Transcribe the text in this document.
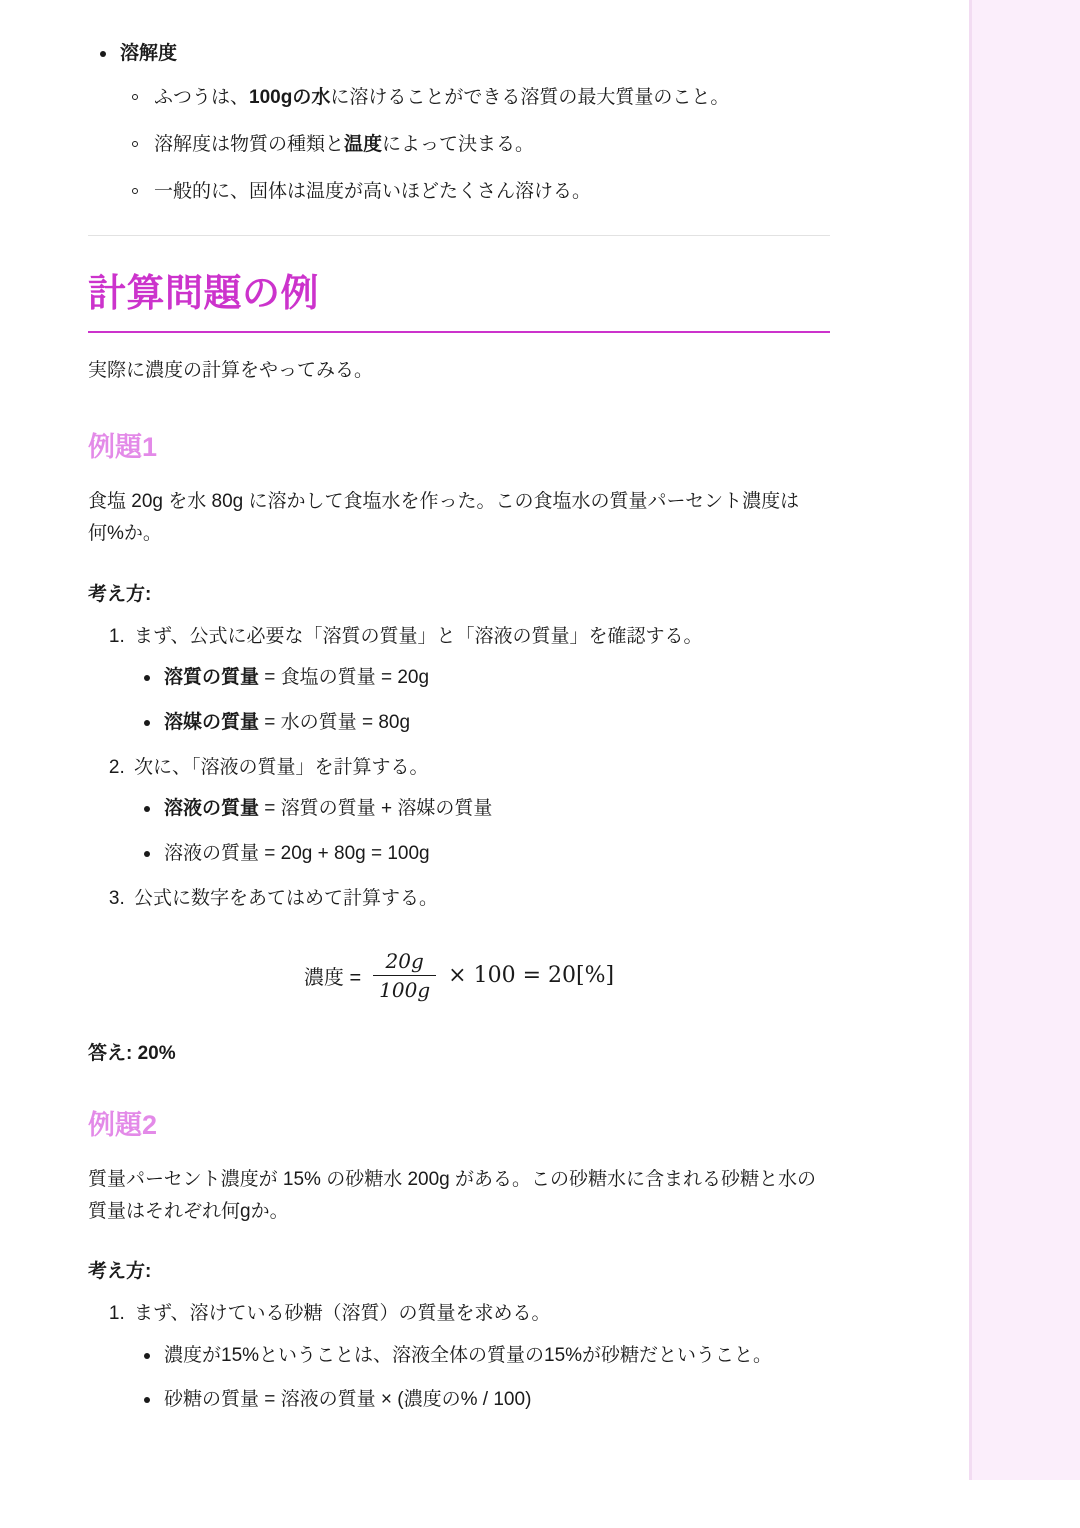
溶解度
ふつうは、100gの水に溶けることができる溶質の最大質量のこと。
溶解度は物質の種類と温度によって決まる。
一般的に、固体は温度が高いほどたくさん溶ける。
計算問題の例

実際に濃度の計算をやってみる。

例題1

食塩 20g を水 80g に溶かして食塩水を作った。この食塩水の質量パーセント濃度は何%か。

考え方:

1. まず、公式に必要な「溶質の質量」と「溶液の質量」を確認する。
溶質の質量 = 食塩の質量 = 20g
溶媒の質量 = 水の質量 = 80g
2. 次に、「溶液の質量」を計算する。
溶液の質量 = 溶質の質量 + 溶媒の質量
溶液の質量 = 20g + 80g = 100g
3. 公式に数字をあてはめて計算する。
濃度 = $\frac{20g}{100g} \times 100 = 20[\%]$

答え: 20%

例題2

質量パーセント濃度が 15% の砂糖水 200g がある。この砂糖水に含まれる砂糖と水の質量はそれぞれ何gか。

考え方:

1. まず、溶けている砂糖（溶質）の質量を求める。
濃度が15%ということは、溶液全体の質量の15%が砂糖だということ。
砂糖の質量 = 溶液の質量 × (濃度の% / 100)
